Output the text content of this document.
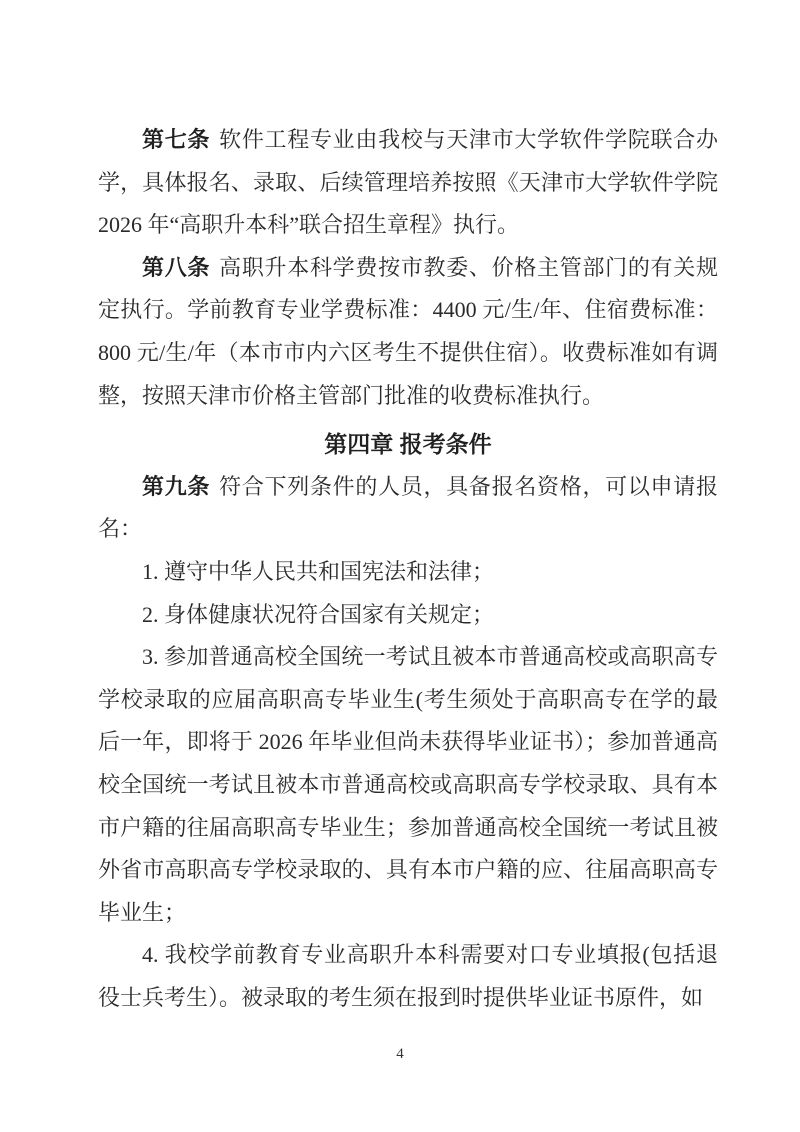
第七条 软件工程专业由我校与天津市大学软件学院联合办学，具体报名、录取、后续管理培养按照《天津市大学软件学院 2026 年“高职升本科”联合招生章程》执行。

第八条 高职升本科学费按市教委、价格主管部门的有关规定执行。学前教育专业学费标准：4400 元/生/年、住宿费标准：800 元/生/年（本市市内六区考生不提供住宿）。收费标准如有调整，按照天津市价格主管部门批准的收费标准执行。

第四章 报考条件

第九条 符合下列条件的人员，具备报名资格，可以申请报名：

1. 遵守中华人民共和国宪法和法律；

2. 身体健康状况符合国家有关规定；

3. 参加普通高校全国统一考试且被本市普通高校或高职高专学校录取的应届高职高专毕业生(考生须处于高职高专在学的最后一年，即将于 2026 年毕业但尚未获得毕业证书）；参加普通高校全国统一考试且被本市普通高校或高职高专学校录取、具有本市户籍的往届高职高专毕业生；参加普通高校全国统一考试且被外省市高职高专学校录取的、具有本市户籍的应、往届高职高专毕业生；

4. 我校学前教育专业高职升本科需要对口专业填报(包括退役士兵考生）。被录取的考生须在报到时提供毕业证书原件，如

4
